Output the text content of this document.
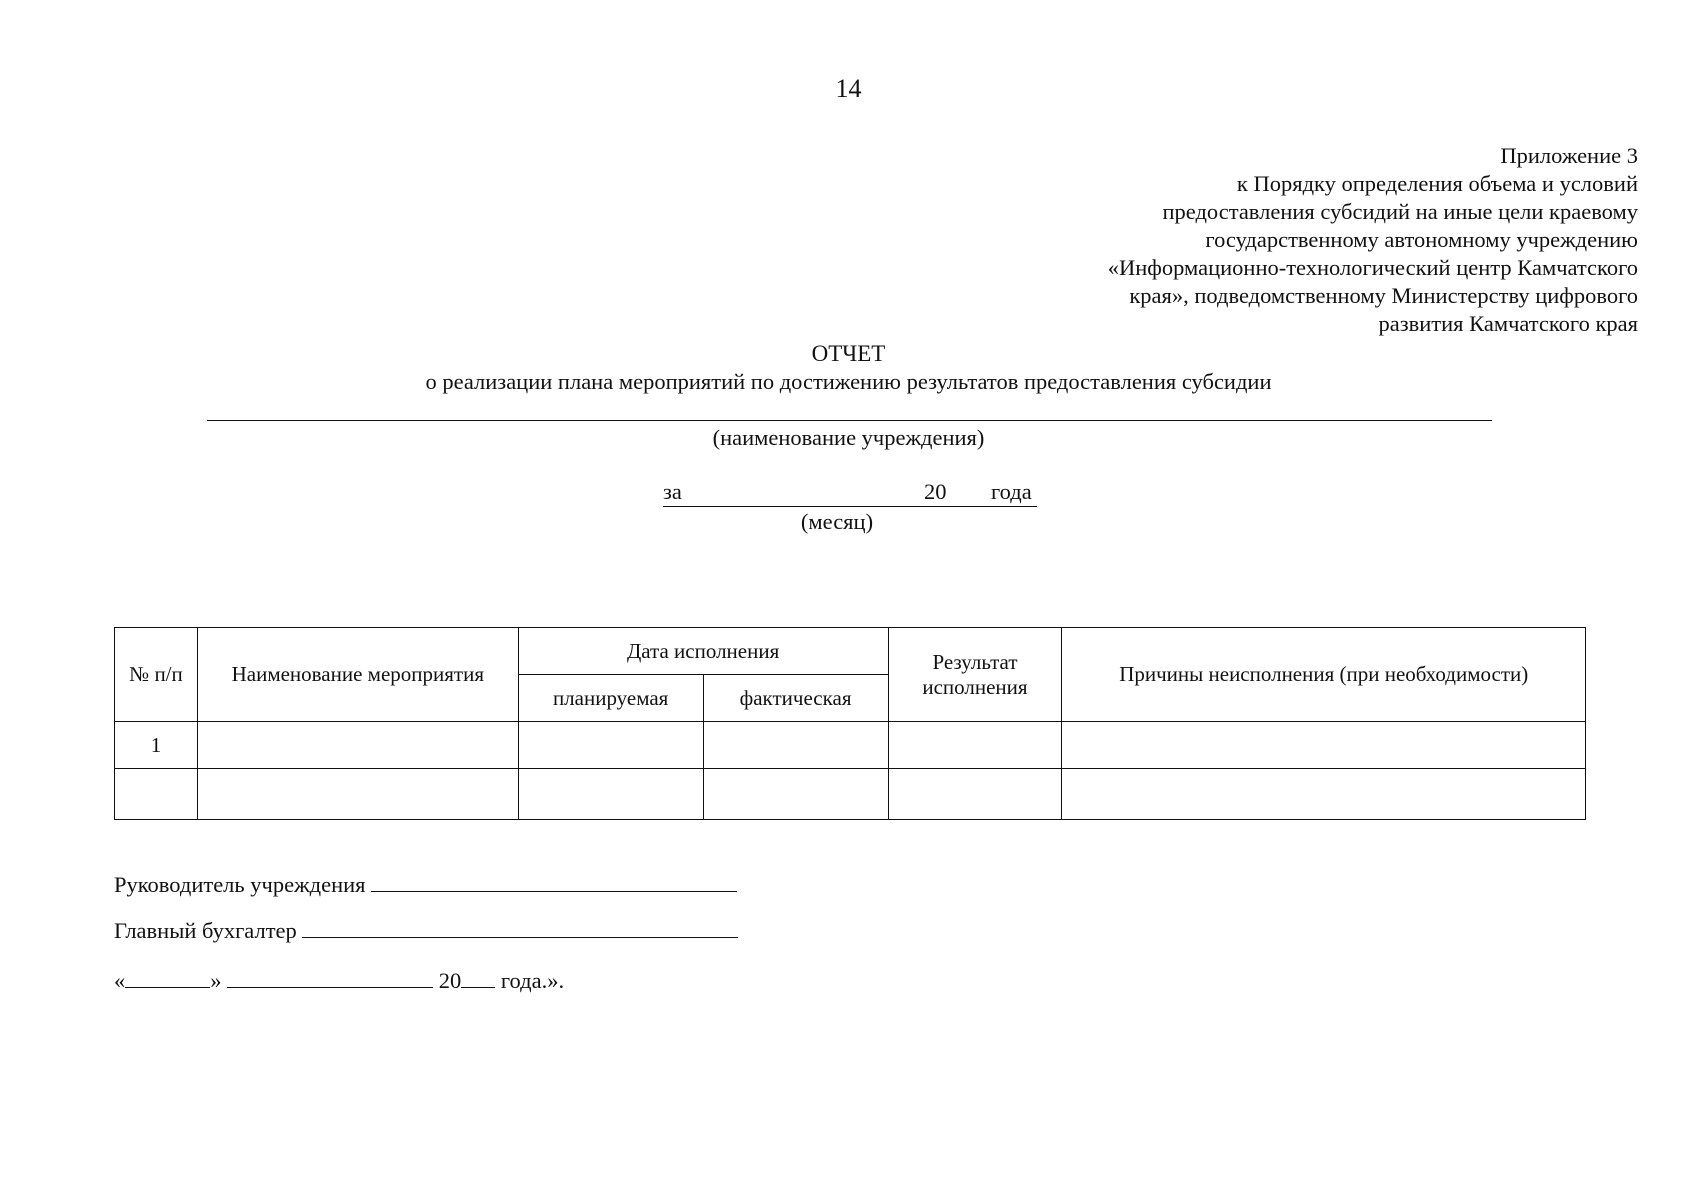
14
Приложение 3
к Порядку определения объема и условий
предоставления субсидий на иные цели краевому
государственному автономному учреждению
«Информационно-технологический центр Камчатского
края», подведомственному Министерству цифрового
развития Камчатского края
ОТЧЕТ
о реализации плана мероприятий по достижению результатов предоставления субсидии
(наименование учреждения)
за	20 года
(месяц)
№ п/п	Наименование мероприятия	Дата исполнения		Результат исполнения	Причины неисполнения (при необходимости)
		планируемая	фактическая		
1					

Руководитель учреждения
Главный бухгалтер
«	»	20 года.».
